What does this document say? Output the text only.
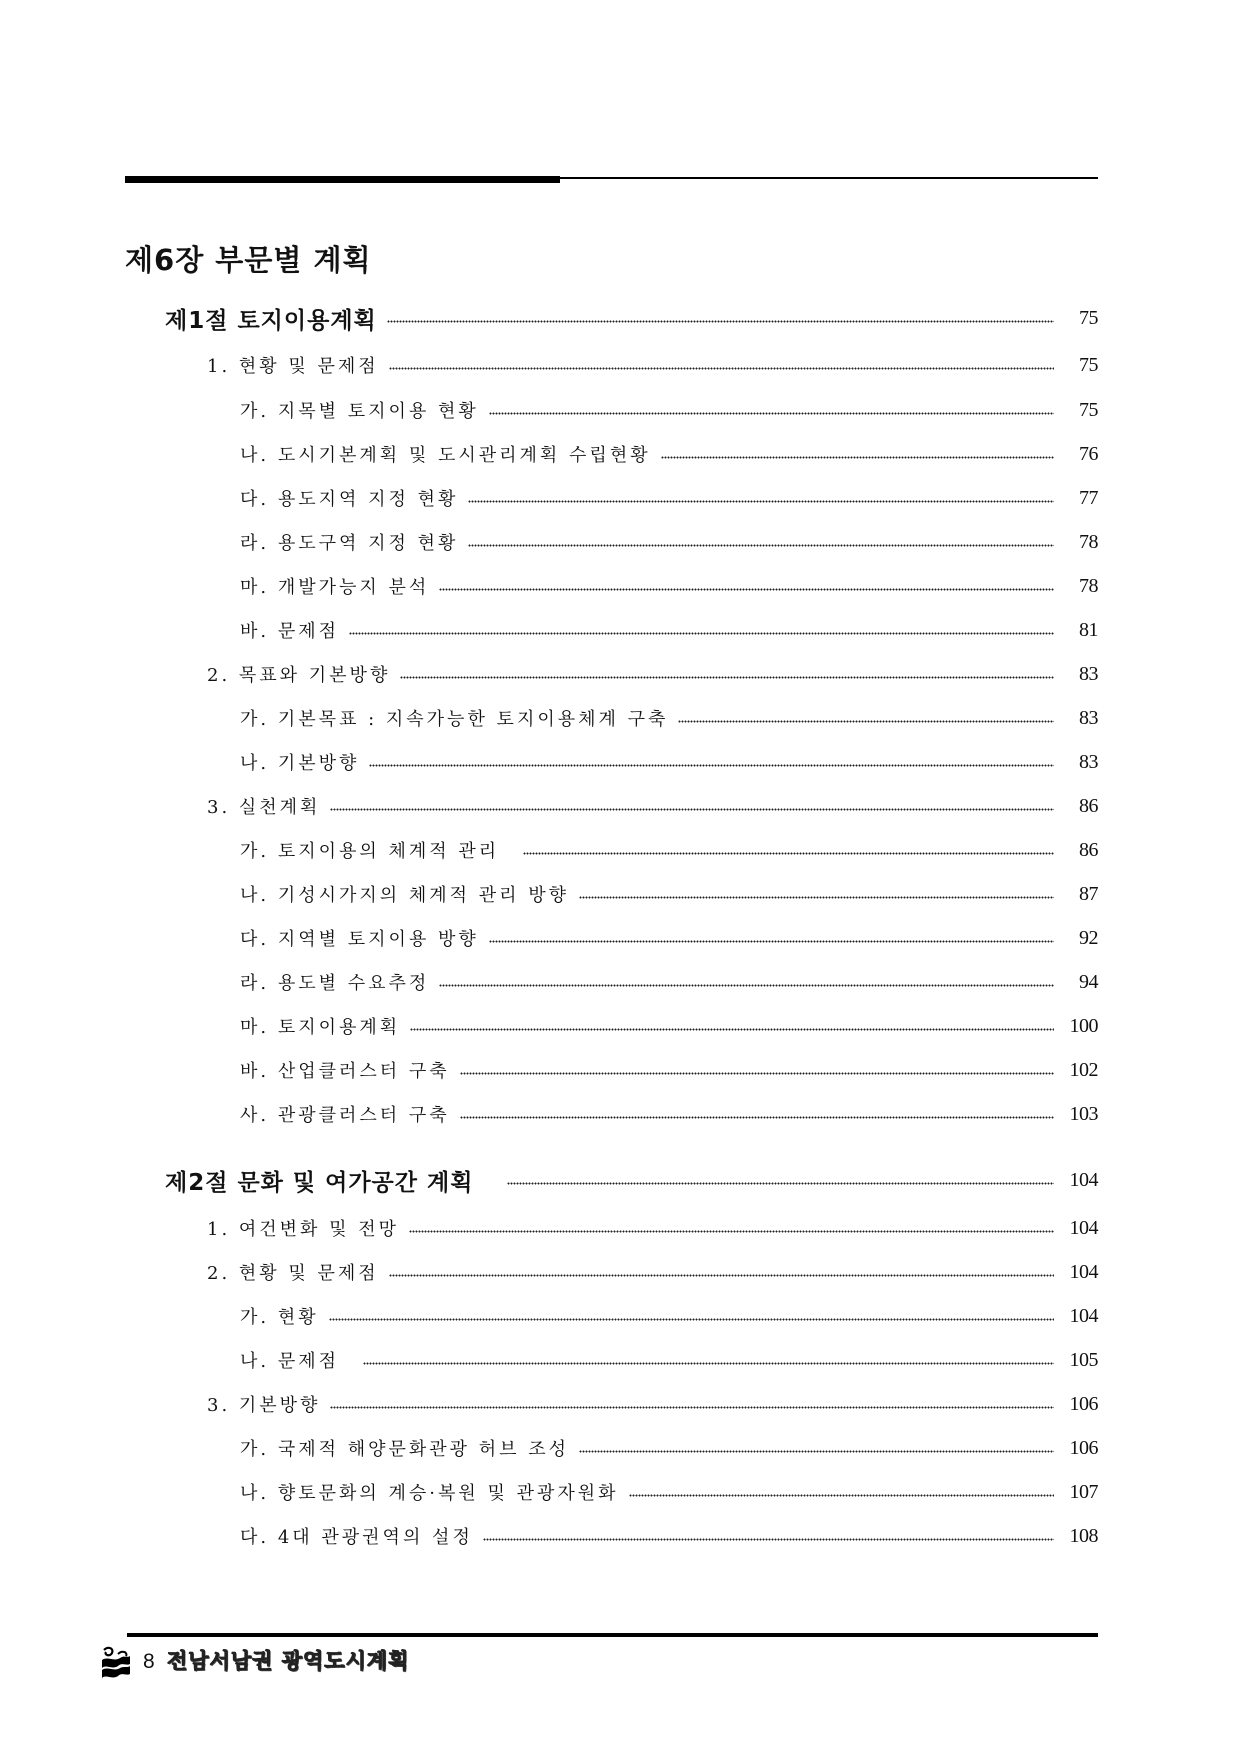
제6장 부문별 계획
제1절 토지이용계획	75
1. 현황 및 문제점	75
가. 지목별 토지이용 현황	75
나. 도시기본계획 및 도시관리계획 수립현황	76
다. 용도지역 지정 현황	77
라. 용도구역 지정 현황	78
마. 개발가능지 분석	78
바. 문제점	81
2. 목표와 기본방향	83
가. 기본목표 : 지속가능한 토지이용체계 구축	83
나. 기본방향	83
3. 실천계획	86
가. 토지이용의 체계적 관리	86
나. 기성시가지의 체계적 관리 방향	87
다. 지역별 토지이용 방향	92
라. 용도별 수요추정	94
마. 토지이용계획	100
바. 산업클러스터 구축	102
사. 관광클러스터 구축	103
제2절 문화 및 여가공간 계획	104
1. 여건변화 및 전망	104
2. 현황 및 문제점	104
가. 현황	104
나. 문제점	105
3. 기본방향	106
가. 국제적 해양문화관광 허브 조성	106
나. 향토문화의 계승·복원 및 관광자원화	107
다. 4대 관광권역의 설정	108
8 전남서남권 광역도시계획
